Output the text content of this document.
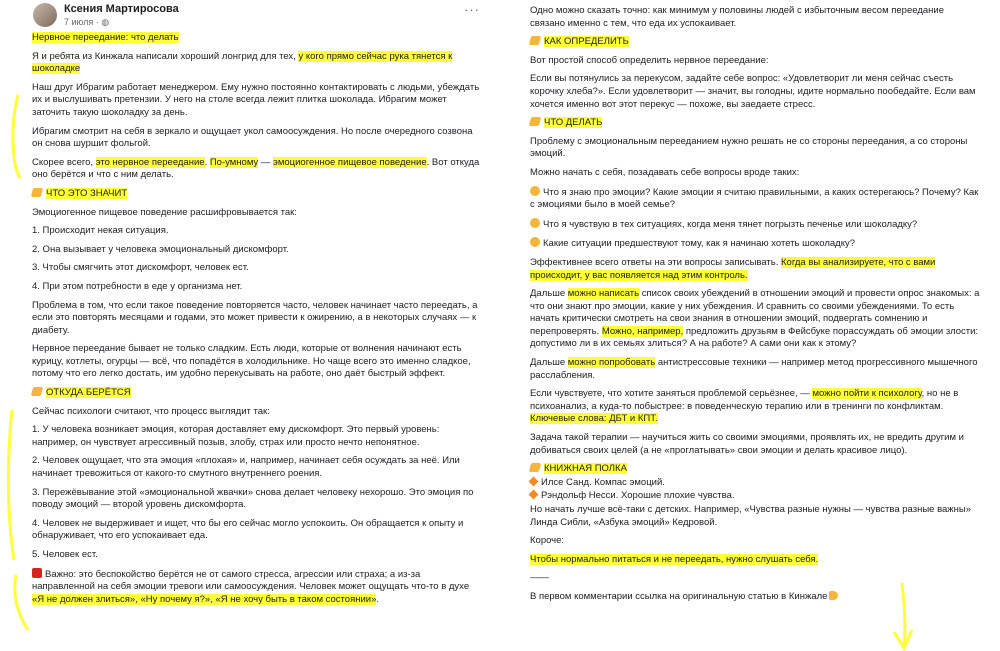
Ксения Мартиросова
7 июля · ◍
···

Нервное переедание: что делать

Я и ребята из Кинжала написали хороший лонгрид для тех, у кого прямо сейчас рука тянется к шоколадке

Наш друг Ибрагим работает менеджером. Ему нужно постоянно контактировать с людьми, убеждать их и выслушивать претензии. У него на столе всегда лежит плитка шоколада. Ибрагим может заточить такую шоколадку за день.

Ибрагим смотрит на себя в зеркало и ощущает укол самоосуждения. Но после очередного созвона он снова шуршит фольгой.

Скорее всего, это нервное переедание. По-умному — эмоциогенное пищевое поведение. Вот откуда оно берётся и что с ним делать.

ЧТО ЭТО ЗНАЧИТ

Эмоциогенное пищевое поведение расшифровывается так:

1. Происходит некая ситуация.

2. Она вызывает у человека эмоциональный дискомфорт.

3. Чтобы смягчить этот дискомфорт, человек ест.

4. При этом потребности в еде у организма нет.

Проблема в том, что если такое поведение повторяется часто, человек начинает часто переедать, а если это повторять месяцами и годами, это может привести к ожирению, а в некоторых случаях — к диабету.

Нервное переедание бывает не только сладким. Есть люди, которые от волнения начинают есть курицу, котлеты, огурцы — всё, что попадётся в холодильнике. Но чаще всего это именно сладкое, потому что его легко достать, им удобно перекусывать на работе, оно даёт быстрый эффект.

ОТКУДА БЕРЁТСЯ

Сейчас психологи считают, что процесс выглядит так:

1. У человека возникает эмоция, которая доставляет ему дискомфорт. Это первый уровень: например, он чувствует агрессивный позыв, злобу, страх или просто нечто непонятное.

2. Человек ощущает, что эта эмоция «плохая» и, например, начинает себя осуждать за неё. Или начинает тревожиться от какого-то смутного внутреннего роения.

3. Пережёвывание этой «эмоциональной жвачки» снова делает человеку нехорошо. Это эмоция по поводу эмоций — второй уровень дискомфорта.

4. Человек не выдерживает и ищет, что бы его сейчас могло успокоить. Он обращается к опыту и обнаруживает, что его успокаивает еда.

5. Человек ест.

Важно: это беспокойство берётся не от самого стресса, агрессии или страха; а из-за направленной на себя эмоции тревоги или самоосуждения. Человек может ощущать что-то в духе «Я не должен злиться», «Ну почему я?», «Я не хочу быть в таком состоянии».

Одно можно сказать точно: как минимум у половины людей с избыточным весом переедание связано именно с тем, что еда их успокаивает.

КАК ОПРЕДЕЛИТЬ

Вот простой способ определить нервное переедание:

Если вы потянулись за перекусом, задайте себе вопрос: «Удовлетворит ли меня сейчас съесть корочку хлеба?». Если удовлетворит — значит, вы голодны, идите нормально пообедайте. Если вам хочется именно вот этот перекус — похоже, вы заедаете стресс.

ЧТО ДЕЛАТЬ

Проблему с эмоциональным перееданием нужно решать не со стороны переедания, а со стороны эмоций.

Можно начать с себя, позадавать себе вопросы вроде таких:

Что я знаю про эмоции? Какие эмоции я считаю правильными, а каких остерегаюсь? Почему? Как с эмоциями было в моей семье?

Что я чувствую в тех ситуациях, когда меня тянет погрызть печенье или шоколадку?

Какие ситуации предшествуют тому, как я начинаю хотеть шоколадку?

Эффективнее всего ответы на эти вопросы записывать. Когда вы анализируете, что с вами происходит, у вас появляется над этим контроль.

Дальше можно написать список своих убеждений в отношении эмоций и провести опрос знакомых: а что они знают про эмоции, какие у них убеждения. И сравнить со своими убеждениями. То есть начать критически смотреть на свои знания в отношении эмоций, подвергать сомнению и перепроверять. Можно, например, предложить друзьям в Фейсбуке порассуждать об эмоции злости: допустимо ли в их семьях злиться? А на работе? А сами они как к этому?

Дальше можно попробовать антистрессовые техники — например метод прогрессивного мышечного расслабления.

Если чувствуете, что хотите заняться проблемой серьёзнее, — можно пойти к психологу, но не в психоанализ, а куда-то побыстрее: в поведенческую терапию или в тренинги по конфликтам. Ключевые слова: ДБТ и КПТ.

Задача такой терапии — научиться жить со своими эмоциями, проявлять их, не вредить другим и добиваться своих целей (а не «проглатывать» свои эмоции и делать красивое лицо).

КНИЖНАЯ ПОЛКА

Илсе Санд. Компас эмоций.

Рэндольф Несси. Хорошие плохие чувства.

Но начать лучше всё-таки с детских. Например, «Чувства разные нужны — чувства разные важны» Линда Сибли, «Азбука эмоций» Кедровой.

Короче:

Чтобы нормально питаться и не переедать, нужно слушать себя.

——

В первом комментарии ссылка на оригинальную статью в Кинжале
